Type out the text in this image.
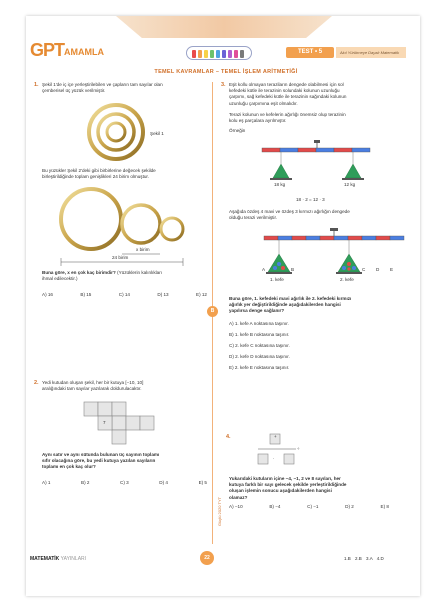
GPT AMAMLA	TEST • 5	Akıl Yürütmeye Dayalı Matematik
TEMEL KAVRAMLAR – TEMEL İŞLEM ARİTMETİĞİ
1. Şekil 1'de iç içe yerleştirilebilen ve çapların tam sayılar olan
çemberisel üç yüzük verilmiştir.
Şekil 1
Bu yüzükler Şekil 2'deki gibi birbirlerine değecek şekilde
birleştirildiğinde toplam genişlikleri 24 birim olmuştur.
x birim
24 birim
Buna göre, x en çok kaç birimdir? (Yüzüklerin kalınlıkları
ihmal edilecektir.)
A) 16	B) 15	C) 14	D) 13	E) 12
2. Yedi kutudan oluşan şekil, her bir kutuya [−10, 10]
aralığındaki tam sayılar yazılarak doldurulacaktır.
7
Aynı satır ve aynı sütunda bulunan üç sayının toplamı
sıfır olacağına göre, bu yedi kutuya yazılan sayıların
toplamı en çok kaç olur?
A) 1	B) 2	C) 3	D) 4	E) 5
3. Eşit kollu olmayan teraziların dengede olabilmesi için sol
kefedeki kütle ile terazinin solundaki kolunun uzunluğu
çarpımı, sağ kefedeki kütle ile terazinin sağındaki kolunun
uzunluğu çarpımına eşit olmalıdır.
Terazi kolunun ve kefelerin ağırlığı önemsiz olup terazinin
kolu eş parçalara ayrılmıştır.
Örneğin
18 kg	12 kg
18 · 2 = 12 · 3
Aşağıda özdeş 4 mavi ve özdeş 3 kırmızı ağırlığın dengede
olduğu terazi verilmiştir.
A	B	C D E
1. kefe	2. kefe
Buna göre, 1. kefedeki mavi ağırlık ile 2. kefedeki kırmızı
ağırlık yer değiştirildiğinde aşağıdakilerden hangisi
yapılırsa denge sağlanır?
A) 1. kefe A noktasına taşınır.
B) 1. kefe B noktasına taşınır.
C) 2. kefe C noktasına taşınır.
D) 2. kefe D noktasına taşınır.
E) 2. kefe E noktasına taşınır.
4.	+
÷
·
Yukarıdaki kutuların içine −4, −1, 2 ve 8 sayıları, her
kutuya farklı bir sayı gelecek şekilde yerleştirildiğinde
oluşan işlemin sonucu aşağıdakilerden hangisi
olamaz?
A) −10	B) −4	C) −1	D) 2	E) 8
B
Güçlü 2020 TYT
MATEMATİK YAYINLARI	22	1.B 2.B 3.A 4.D
